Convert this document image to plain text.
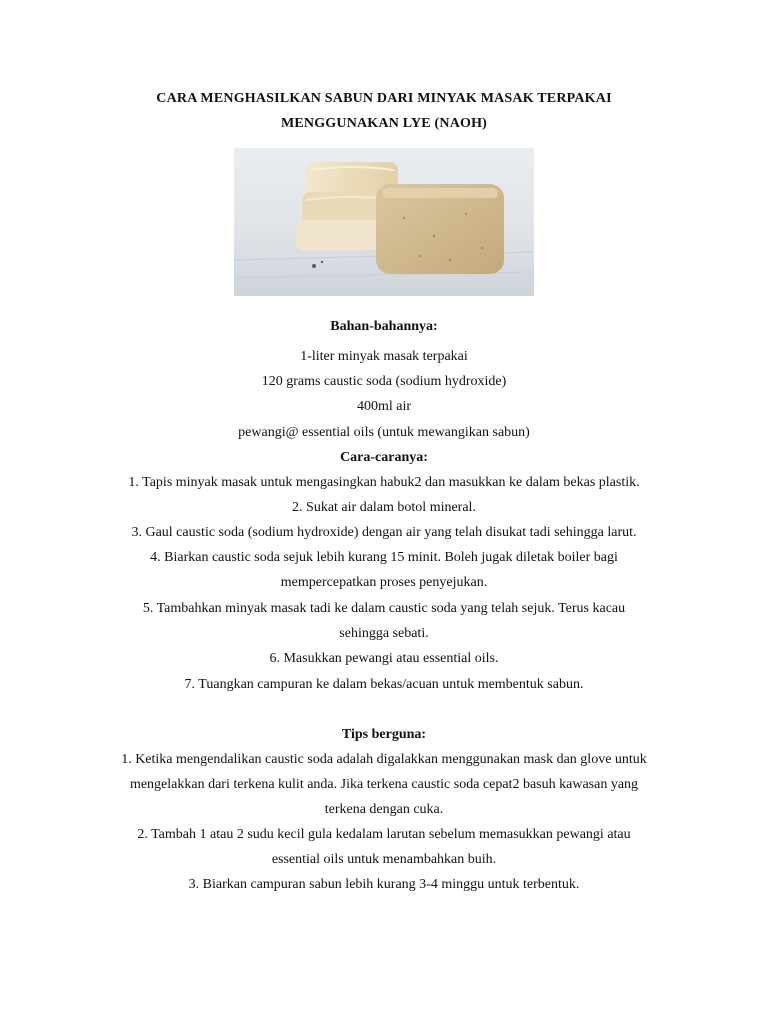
CARA MENGHASILKAN SABUN DARI MINYAK MASAK TERPAKAI
MENGGUNAKAN LYE (NAOH)
Bahan-bahannya:
1-liter minyak masak terpakai
120 grams caustic soda (sodium hydroxide)
400ml air
pewangi@ essential oils (untuk mewangikan sabun)
Cara-caranya:
1. Tapis minyak masak untuk mengasingkan habuk2 dan masukkan ke dalam bekas plastik.
2. Sukat air dalam botol mineral.
3. Gaul caustic soda (sodium hydroxide) dengan air yang telah disukat tadi sehingga larut.
4. Biarkan caustic soda sejuk lebih kurang 15 minit. Boleh jugak diletak boiler bagi
mempercepatkan proses penyejukan.
5. Tambahkan minyak masak tadi ke dalam caustic soda yang telah sejuk. Terus kacau
sehingga sebati.
6. Masukkan pewangi atau essential oils.
7. Tuangkan campuran ke dalam bekas/acuan untuk membentuk sabun.
Tips berguna:
1. Ketika mengendalikan caustic soda adalah digalakkan menggunakan mask dan glove untuk
mengelakkan dari terkena kulit anda. Jika terkena caustic soda cepat2 basuh kawasan yang
terkena dengan cuka.
2. Tambah 1 atau 2 sudu kecil gula kedalam larutan sebelum memasukkan pewangi atau
essential oils untuk menambahkan buih.
3. Biarkan campuran sabun lebih kurang 3-4 minggu untuk terbentuk.
